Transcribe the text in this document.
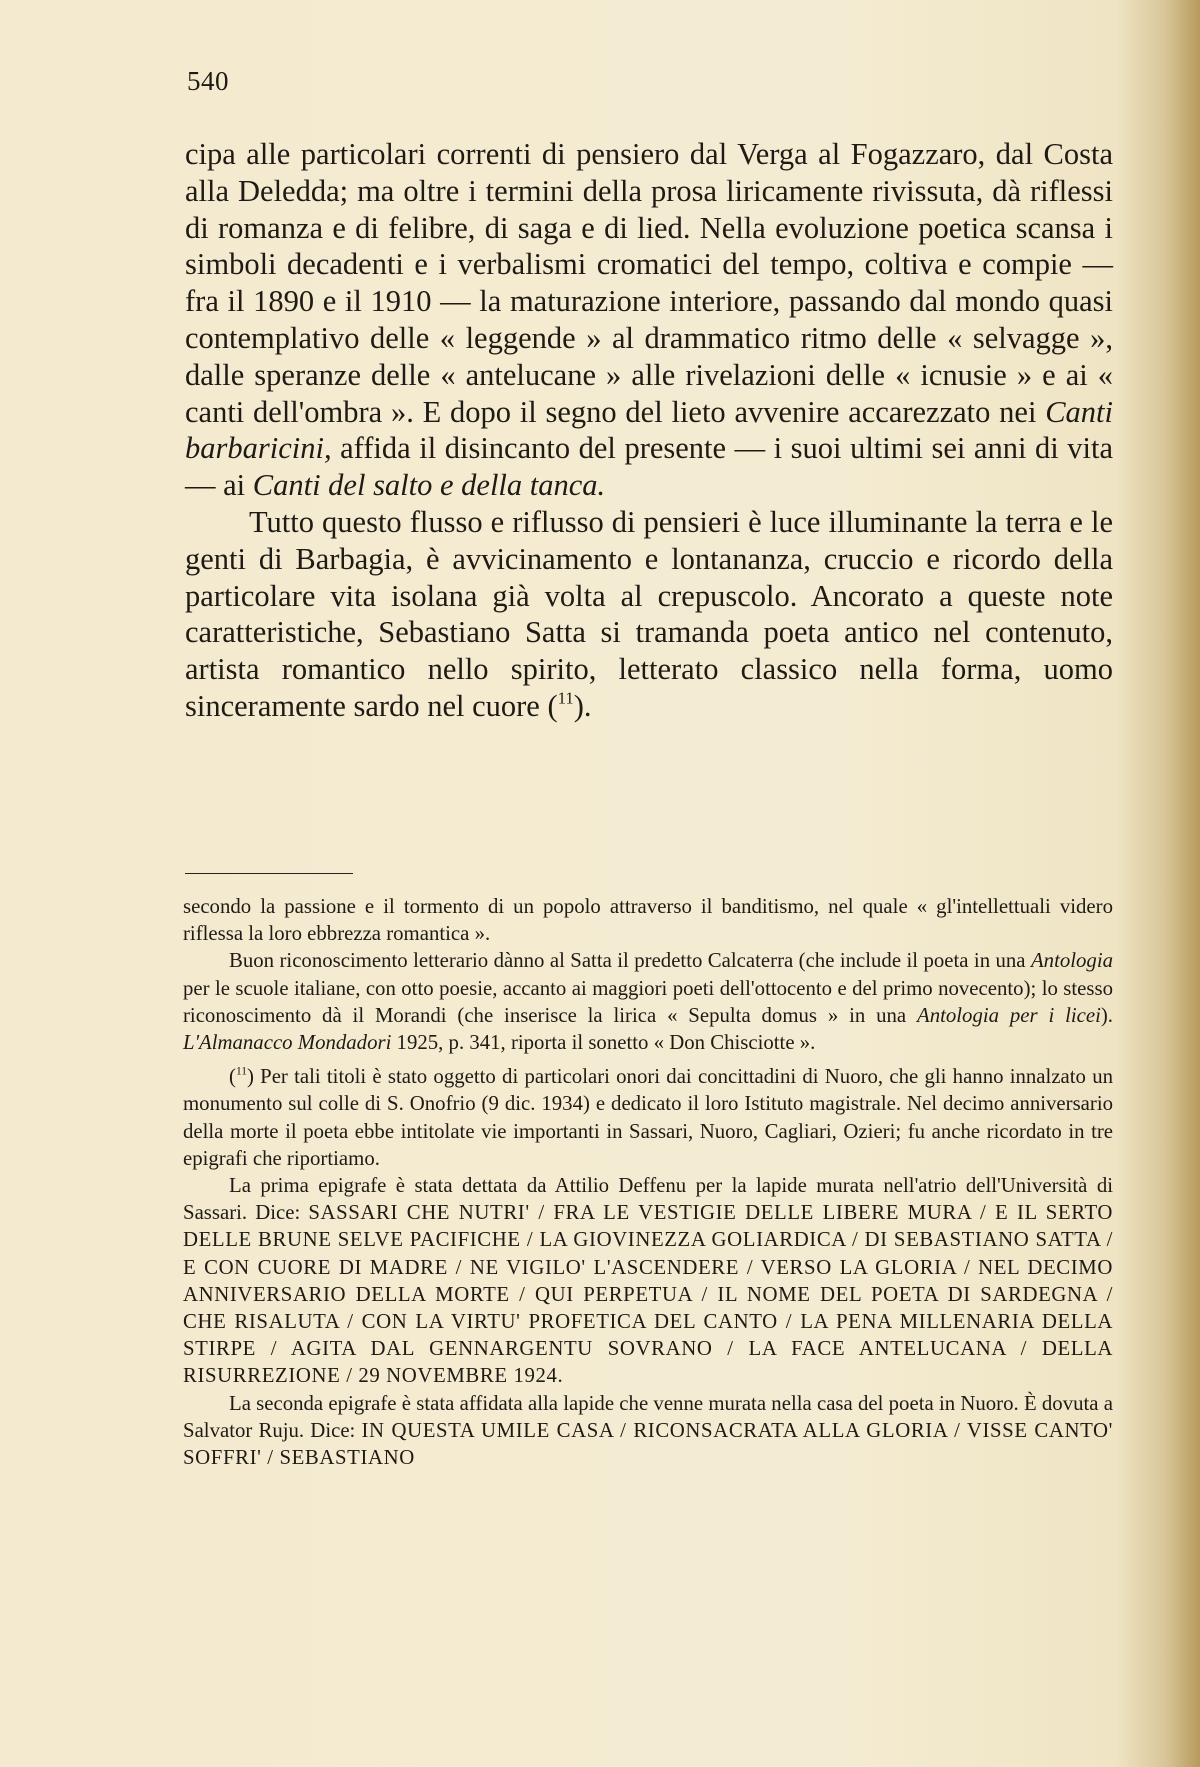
540

cipa alle particolari correnti di pensiero dal Verga al Fogazzaro, dal Costa alla Deledda; ma oltre i termini della prosa liricamente rivissuta, dà riflessi di romanza e di felibre, di saga e di lied. Nella evoluzione poetica scansa i simboli decadenti e i verbalismi cromatici del tempo, coltiva e compie — fra il 1890 e il 1910 — la maturazione interiore, passando dal mondo quasi contemplativo delle « leggende » al drammatico ritmo delle « selvagge », dalle speranze delle « antelucane » alle rivelazioni delle « icnusie » e ai « canti dell'ombra ». E dopo il segno del lieto avvenire accarezzato nei Canti barbaricini, affida il disincanto del presente — i suoi ultimi sei anni di vita — ai Canti del salto e della tanca.

Tutto questo flusso e riflusso di pensieri è luce illuminante la terra e le genti di Barbagia, è avvicinamento e lontananza, cruccio e ricordo della particolare vita isolana già volta al crepuscolo. Ancorato a queste note caratteristiche, Sebastiano Satta si tramanda poeta antico nel contenuto, artista romantico nello spirito, letterato classico nella forma, uomo sinceramente sardo nel cuore ($^{11}$).

secondo la passione e il tormento di un popolo attraverso il banditismo, nel quale « gl'intellettuali videro riflessa la loro ebbrezza romantica ».

Buon riconoscimento letterario dànno al Satta il predetto Calcaterra (che include il poeta in una Antologia per le scuole italiane, con otto poesie, accanto ai maggiori poeti dell'ottocento e del primo novecento); lo stesso riconoscimento dà il Morandi (che inserisce la lirica « Sepulta domus » in una Antologia per i licei). L'Almanacco Mondadori 1925, p. 341, riporta il sonetto « Don Chisciotte ».

($^{11}$) Per tali titoli è stato oggetto di particolari onori dai concittadini di Nuoro, che gli hanno innalzato un monumento sul colle di S. Onofrio (9 dic. 1934) e dedicato il loro Istituto magistrale. Nel decimo anniversario della morte il poeta ebbe intitolate vie importanti in Sassari, Nuoro, Cagliari, Ozieri; fu anche ricordato in tre epigrafi che riportiamo.

La prima epigrafe è stata dettata da Attilio Deffenu per la lapide murata nell'atrio dell'Università di Sassari. Dice: SASSARI CHE NUTRI' / FRA LE VESTIGIE DELLE LIBERE MURA / E IL SERTO DELLE BRUNE SELVE PACIFICHE / LA GIOVINEZZA GOLIARDICA / DI SEBASTIANO SATTA / E CON CUORE DI MADRE / NE VIGILO' L'ASCENDERE / VERSO LA GLORIA / NEL DECIMO ANNIVERSARIO DELLA MORTE / QUI PERPETUA / IL NOME DEL POETA DI SARDEGNA / CHE RISALUTA / CON LA VIRTU' PROFETICA DEL CANTO / LA PENA MILLENARIA DELLA STIRPE / AGITA DAL GENNARGENTU SOVRANO / LA FACE ANTELUCANA / DELLA RISURREZIONE / 29 NOVEMBRE 1924.

La seconda epigrafe è stata affidata alla lapide che venne murata nella casa del poeta in Nuoro. È dovuta a Salvator Ruju. Dice: IN QUESTA UMILE CASA / RICONSACRATA ALLA GLORIA / VISSE CANTO' SOFFRI' / SEBASTIANO
